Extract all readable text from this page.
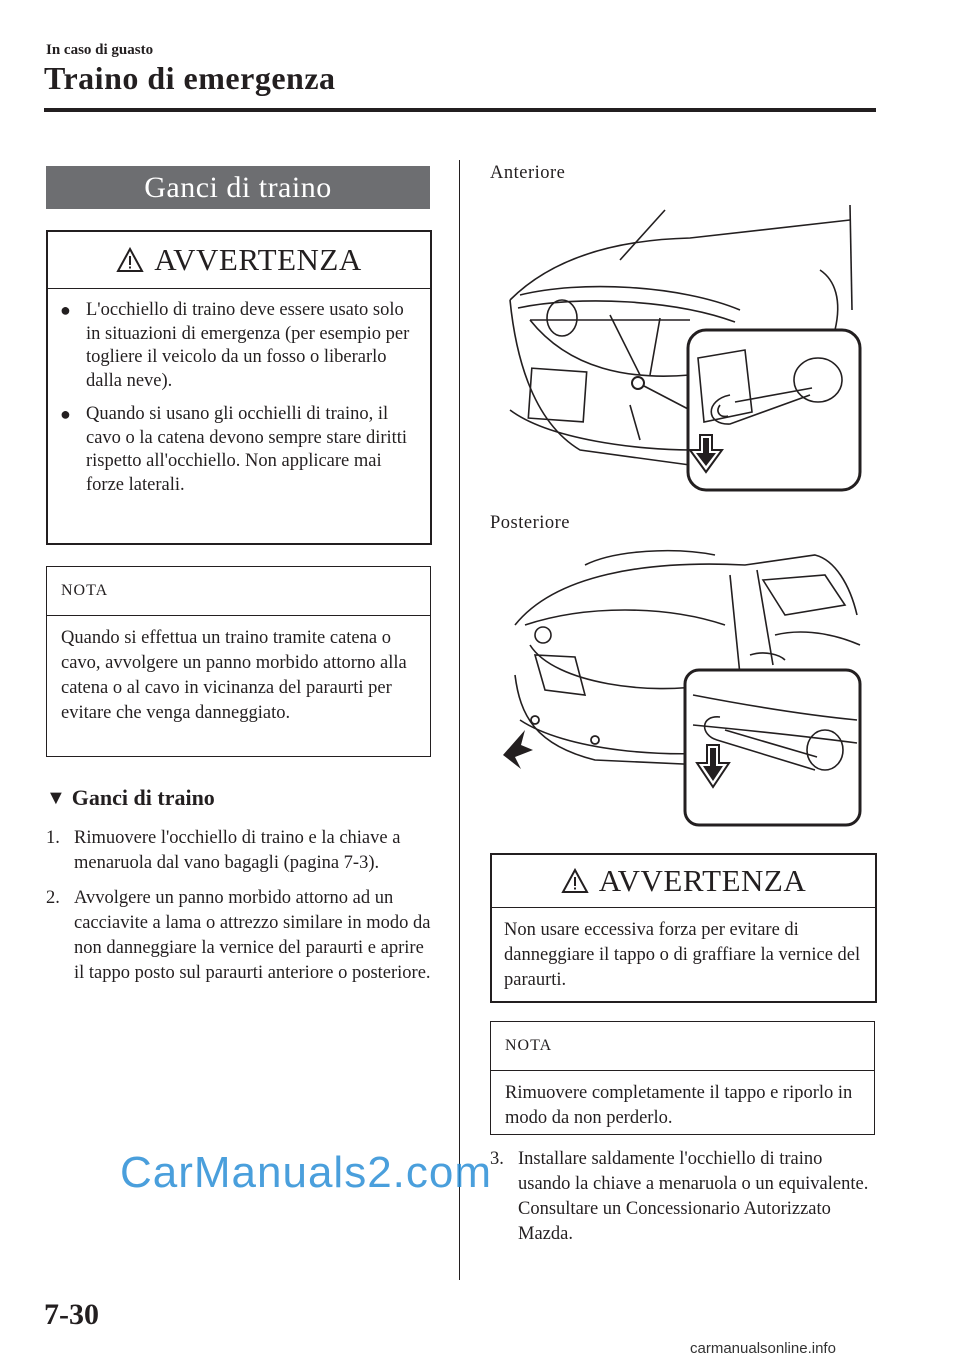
In caso di guasto
Traino di emergenza
Ganci di traino
AVVERTENZA
● L'occhiello di traino deve essere usato solo in situazioni di emergenza (per esempio per togliere il veicolo da un fosso o liberarlo dalla neve).
● Quando si usano gli occhielli di traino, il cavo o la catena devono sempre stare diritti rispetto all'occhiello. Non applicare mai forze laterali.
NOTA
Quando si effettua un traino tramite catena o cavo, avvolgere un panno morbido attorno alla catena o al cavo in vicinanza del paraurti per evitare che venga danneggiato.
▼ Ganci di traino
1. Rimuovere l'occhiello di traino e la chiave a menaruola dal vano bagagli (pagina 7-3).
2. Avvolgere un panno morbido attorno ad un cacciavite a lama o attrezzo similare in modo da non danneggiare la vernice del paraurti e aprire il tappo posto sul paraurti anteriore o posteriore.
Anteriore
Posteriore
AVVERTENZA
Non usare eccessiva forza per evitare di danneggiare il tappo o di graffiare la vernice del paraurti.
NOTA
Rimuovere completamente il tappo e riporlo in modo da non perderlo.
3. Installare saldamente l'occhiello di traino usando la chiave a menaruola o un equivalente.
Consultare un Concessionario Autorizzato Mazda.
CarManuals2.com
7-30
carmanualsonline.info
